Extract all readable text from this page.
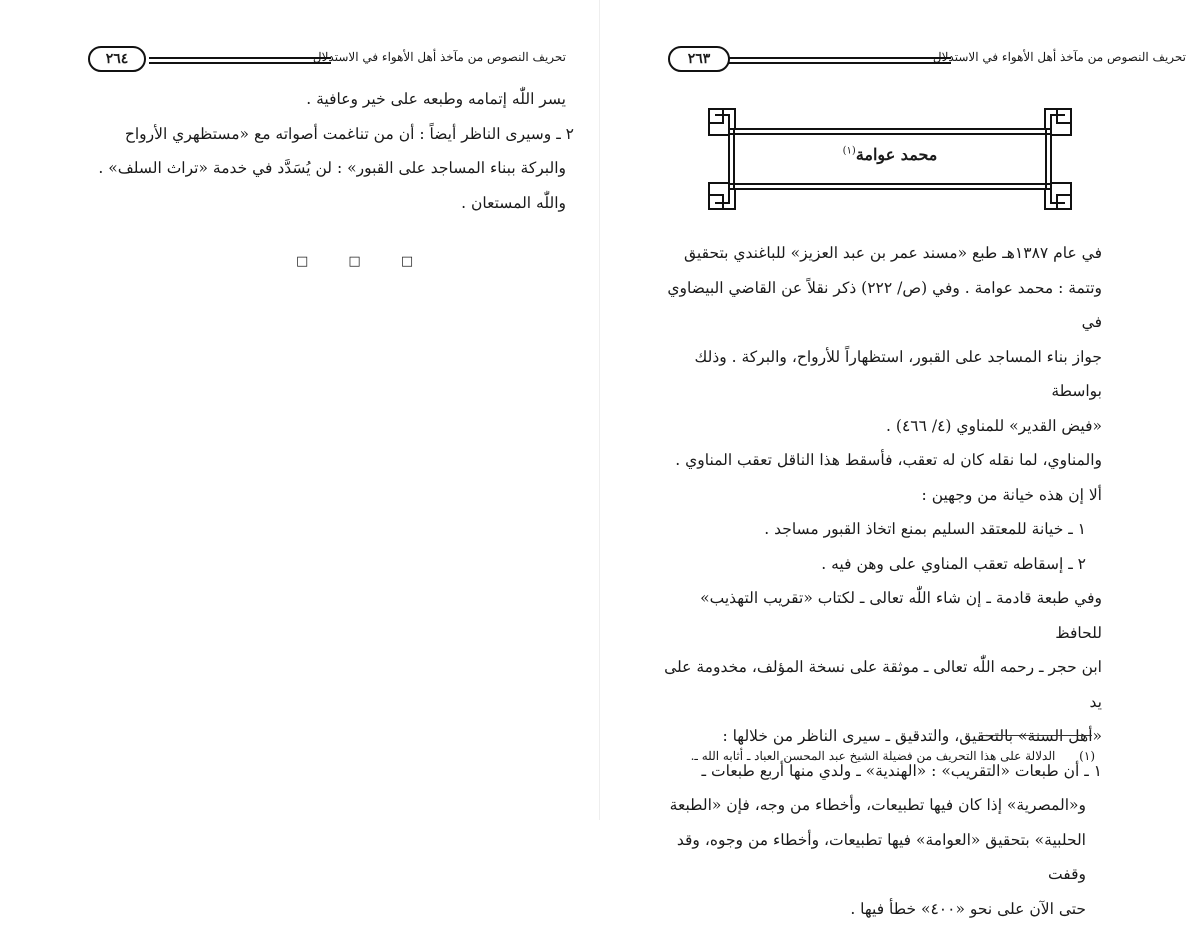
تحريف النصوص من مآخذ أهل الأهواء في الاستدلال
٢٦٤

يسر اللّٰه إتمامه وطبعه على خير وعافية .

٢ ـ وسيرى الناظر أيضاً : أن من تناغمت أصواته مع «مستظهري الأرواح

والبركة ببناء المساجد على القبور» : لن يُسَدَّد في خدمة «تراث السلف» .

واللّٰه المستعان .

□ □ □
تحريف النصوص من مآخذ أهل الأهواء في الاستدلال
٢٦٣
محمد عوامة$^{(١)}$

في عام ١٣٨٧هـ طبع «مسند عمر بن عبد العزيز» للباغندي بتحقيق

وتتمة : محمد عوامة . وفي (ص/ ٢٢٢) ذكر نقلاً عن القاضي البيضاوي في

جواز بناء المساجد على القبور، استظهاراً للأرواح، والبركة . وذلك بواسطة

«فيض القدير» للمناوي (٤/ ٤٦٦) .

والمناوي، لما نقله كان له تعقب، فأسقط هذا الناقل تعقب المناوي .

ألا إن هذه خيانة من وجهين :

١ ـ خيانة للمعتقد السليم بمنع اتخاذ القبور مساجد .

٢ ـ إسقاطه تعقب المناوي على وهن فيه .

وفي طبعة قادمة ـ إن شاء اللّٰه تعالى ـ لكتاب «تقريب التهذيب» للحافظ

ابن حجر ـ رحمه اللّٰه تعالى ـ موثقة على نسخة المؤلف، مخدومة على يد

«أهل السنة» بالتحقيق، والتدقيق ـ سيرى الناظر من خلالها :

١ ـ أن طبعات «التقريب» : «الهندية» ـ ولدي منها أربع طبعات ـ

و«المصرية» إذا كان فيها تطبيعات، وأخطاء من وجه، فإن «الطبعة

الحلبية» بتحقيق «العوامة» فيها تطبيعات، وأخطاء من وجوه، وقد وقفت

حتى الآن على نحو «٤٠٠» خطأ فيها .

(١) الدلالة على هذا التحريف من فضيلة الشيخ عبد المحسن العباد ـ أثابه الله ـ.
